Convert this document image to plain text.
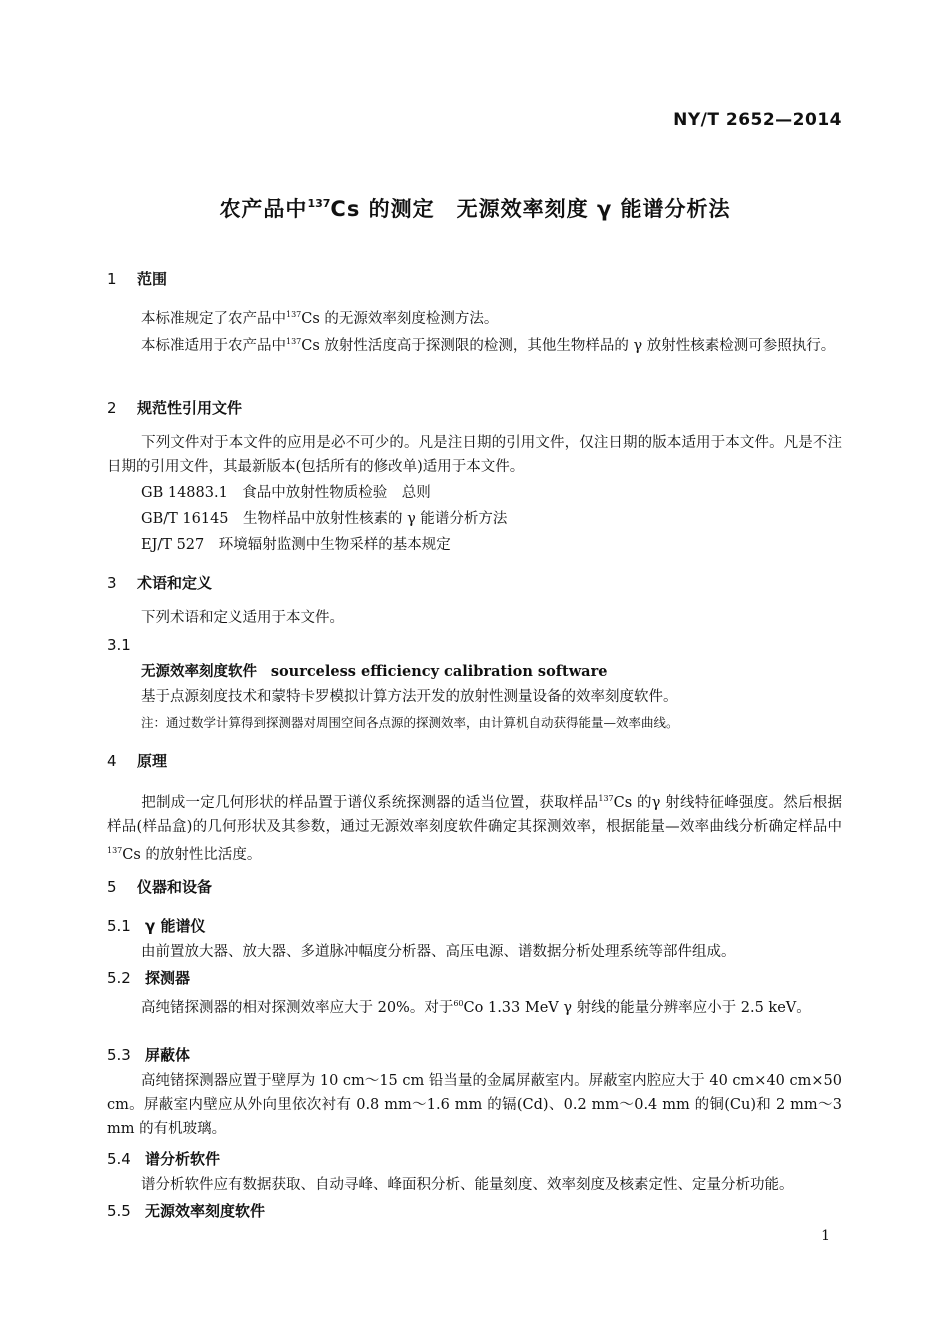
NY/T 2652—2014
农产品中$^{137}$Cs 的测定　无源效率刻度 γ 能谱分析法
1 范围
本标准规定了农产品中$^{137}$Cs 的无源效率刻度检测方法。
本标准适用于农产品中$^{137}$Cs 放射性活度高于探测限的检测，其他生物样品的 γ 放射性核素检测可参照执行。
2 规范性引用文件
下列文件对于本文件的应用是必不可少的。凡是注日期的引用文件，仅注日期的版本适用于本文件。凡是不注日期的引用文件，其最新版本(包括所有的修改单)适用于本文件。
GB 14883.1　食品中放射性物质检验　总则
GB/T 16145　生物样品中放射性核素的 γ 能谱分析方法
EJ/T 527　环境辐射监测中生物采样的基本规定
3 术语和定义
下列术语和定义适用于本文件。
3.1
无源效率刻度软件 sourceless efficiency calibration software
基于点源刻度技术和蒙特卡罗模拟计算方法开发的放射性测量设备的效率刻度软件。
注：通过数学计算得到探测器对周围空间各点源的探测效率，由计算机自动获得能量—效率曲线。
4 原理
把制成一定几何形状的样品置于谱仪系统探测器的适当位置，获取样品$^{137}$Cs 的γ 射线特征峰强度。然后根据样品(样品盒)的几何形状及其参数，通过无源效率刻度软件确定其探测效率，根据能量—效率曲线分析确定样品中$^{137}$Cs 的放射性比活度。
5 仪器和设备
5.1 γ 能谱仪
由前置放大器、放大器、多道脉冲幅度分析器、高压电源、谱数据分析处理系统等部件组成。
5.2 探测器
高纯锗探测器的相对探测效率应大于 20%。对于$^{60}$Co 1.33 MeV γ 射线的能量分辨率应小于 2.5 keV。
5.3 屏蔽体
高纯锗探测器应置于壁厚为 10 cm～15 cm 铅当量的金属屏蔽室内。屏蔽室内腔应大于 40 cm×40 cm×50 cm。屏蔽室内壁应从外向里依次衬有 0.8 mm～1.6 mm 的镉(Cd)、0.2 mm～0.4 mm 的铜(Cu)和 2 mm～3 mm 的有机玻璃。
5.4 谱分析软件
谱分析软件应有数据获取、自动寻峰、峰面积分析、能量刻度、效率刻度及核素定性、定量分析功能。
5.5 无源效率刻度软件
1
